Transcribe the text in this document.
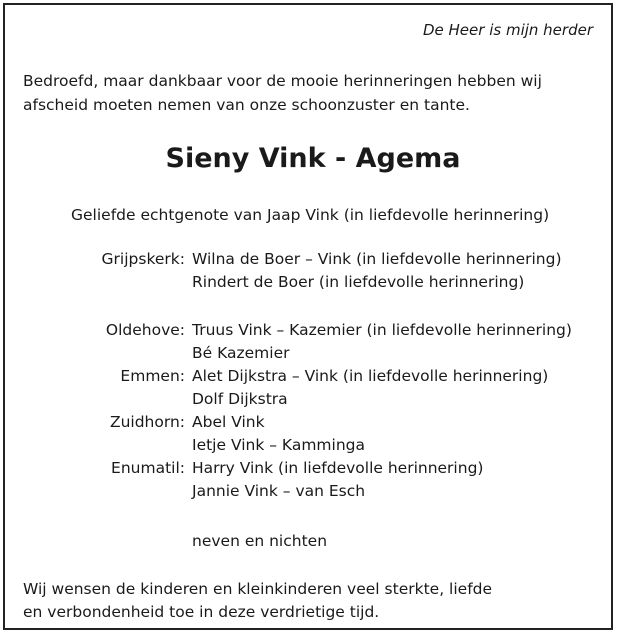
De Heer is mijn herder
Bedroefd, maar dankbaar voor de mooie herinneringen hebben wij
afscheid moeten nemen van onze schoonzuster en tante.
Sieny Vink - Agema
Geliefde echtgenote van Jaap Vink (in liefdevolle herinnering)
Grijpskerk: Wilna de Boer – Vink (in liefdevolle herinnering)
Rindert de Boer (in liefdevolle herinnering)
Oldehove: Truus Vink – Kazemier (in liefdevolle herinnering)
Bé Kazemier
Emmen: Alet Dijkstra – Vink (in liefdevolle herinnering)
Dolf Dijkstra
Zuidhorn: Abel Vink
Ietje Vink – Kamminga
Enumatil: Harry Vink (in liefdevolle herinnering)
Jannie Vink – van Esch
neven en nichten
Wij wensen de kinderen en kleinkinderen veel sterkte, liefde
en verbondenheid toe in deze verdrietige tijd.
